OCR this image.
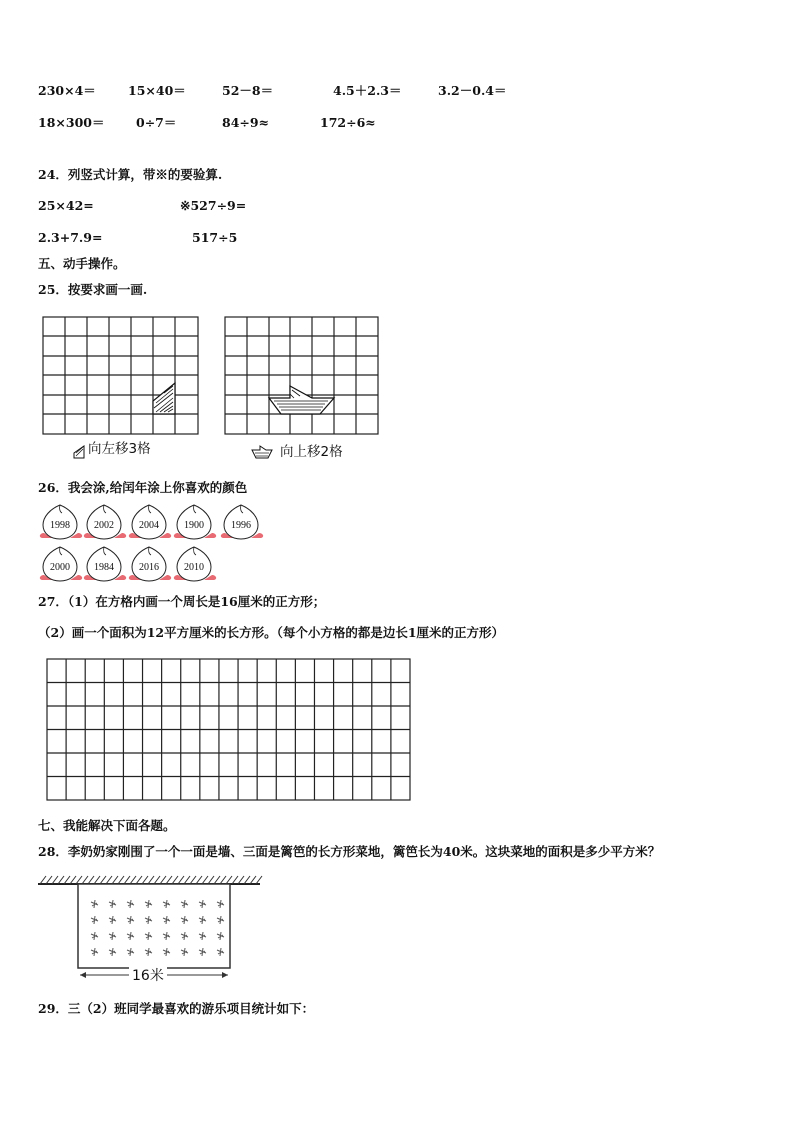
230×4＝	15×40＝	52－8＝	4.5＋2.3＝	3.2－0.4＝
18×300＝	0÷7＝	84÷9≈	172÷6≈
24．列竖式计算，带※的要验算.
25×42=	※527÷9=
2.3+7.9=	517÷5
五、动手操作。
25．按要求画一画.
向左移3格	向上移2格
26．我会涂,给闰年涂上你喜欢的颜色
1998 2002	2004	1900	1996
2000 1984	2016	2010
27．（1）在方格内画一个周长是16厘米的正方形；
（2）画一个面积为12平方厘米的长方形。（每个小方格的都是边长1厘米的正方形）
七、我能解决下面各题。
28．李奶奶家刚围了一个一面是墙、三面是篱笆的长方形菜地，篱笆长为40米。这块菜地的面积是多少平方米？
16米
29．三（2）班同学最喜欢的游乐项目统计如下：
